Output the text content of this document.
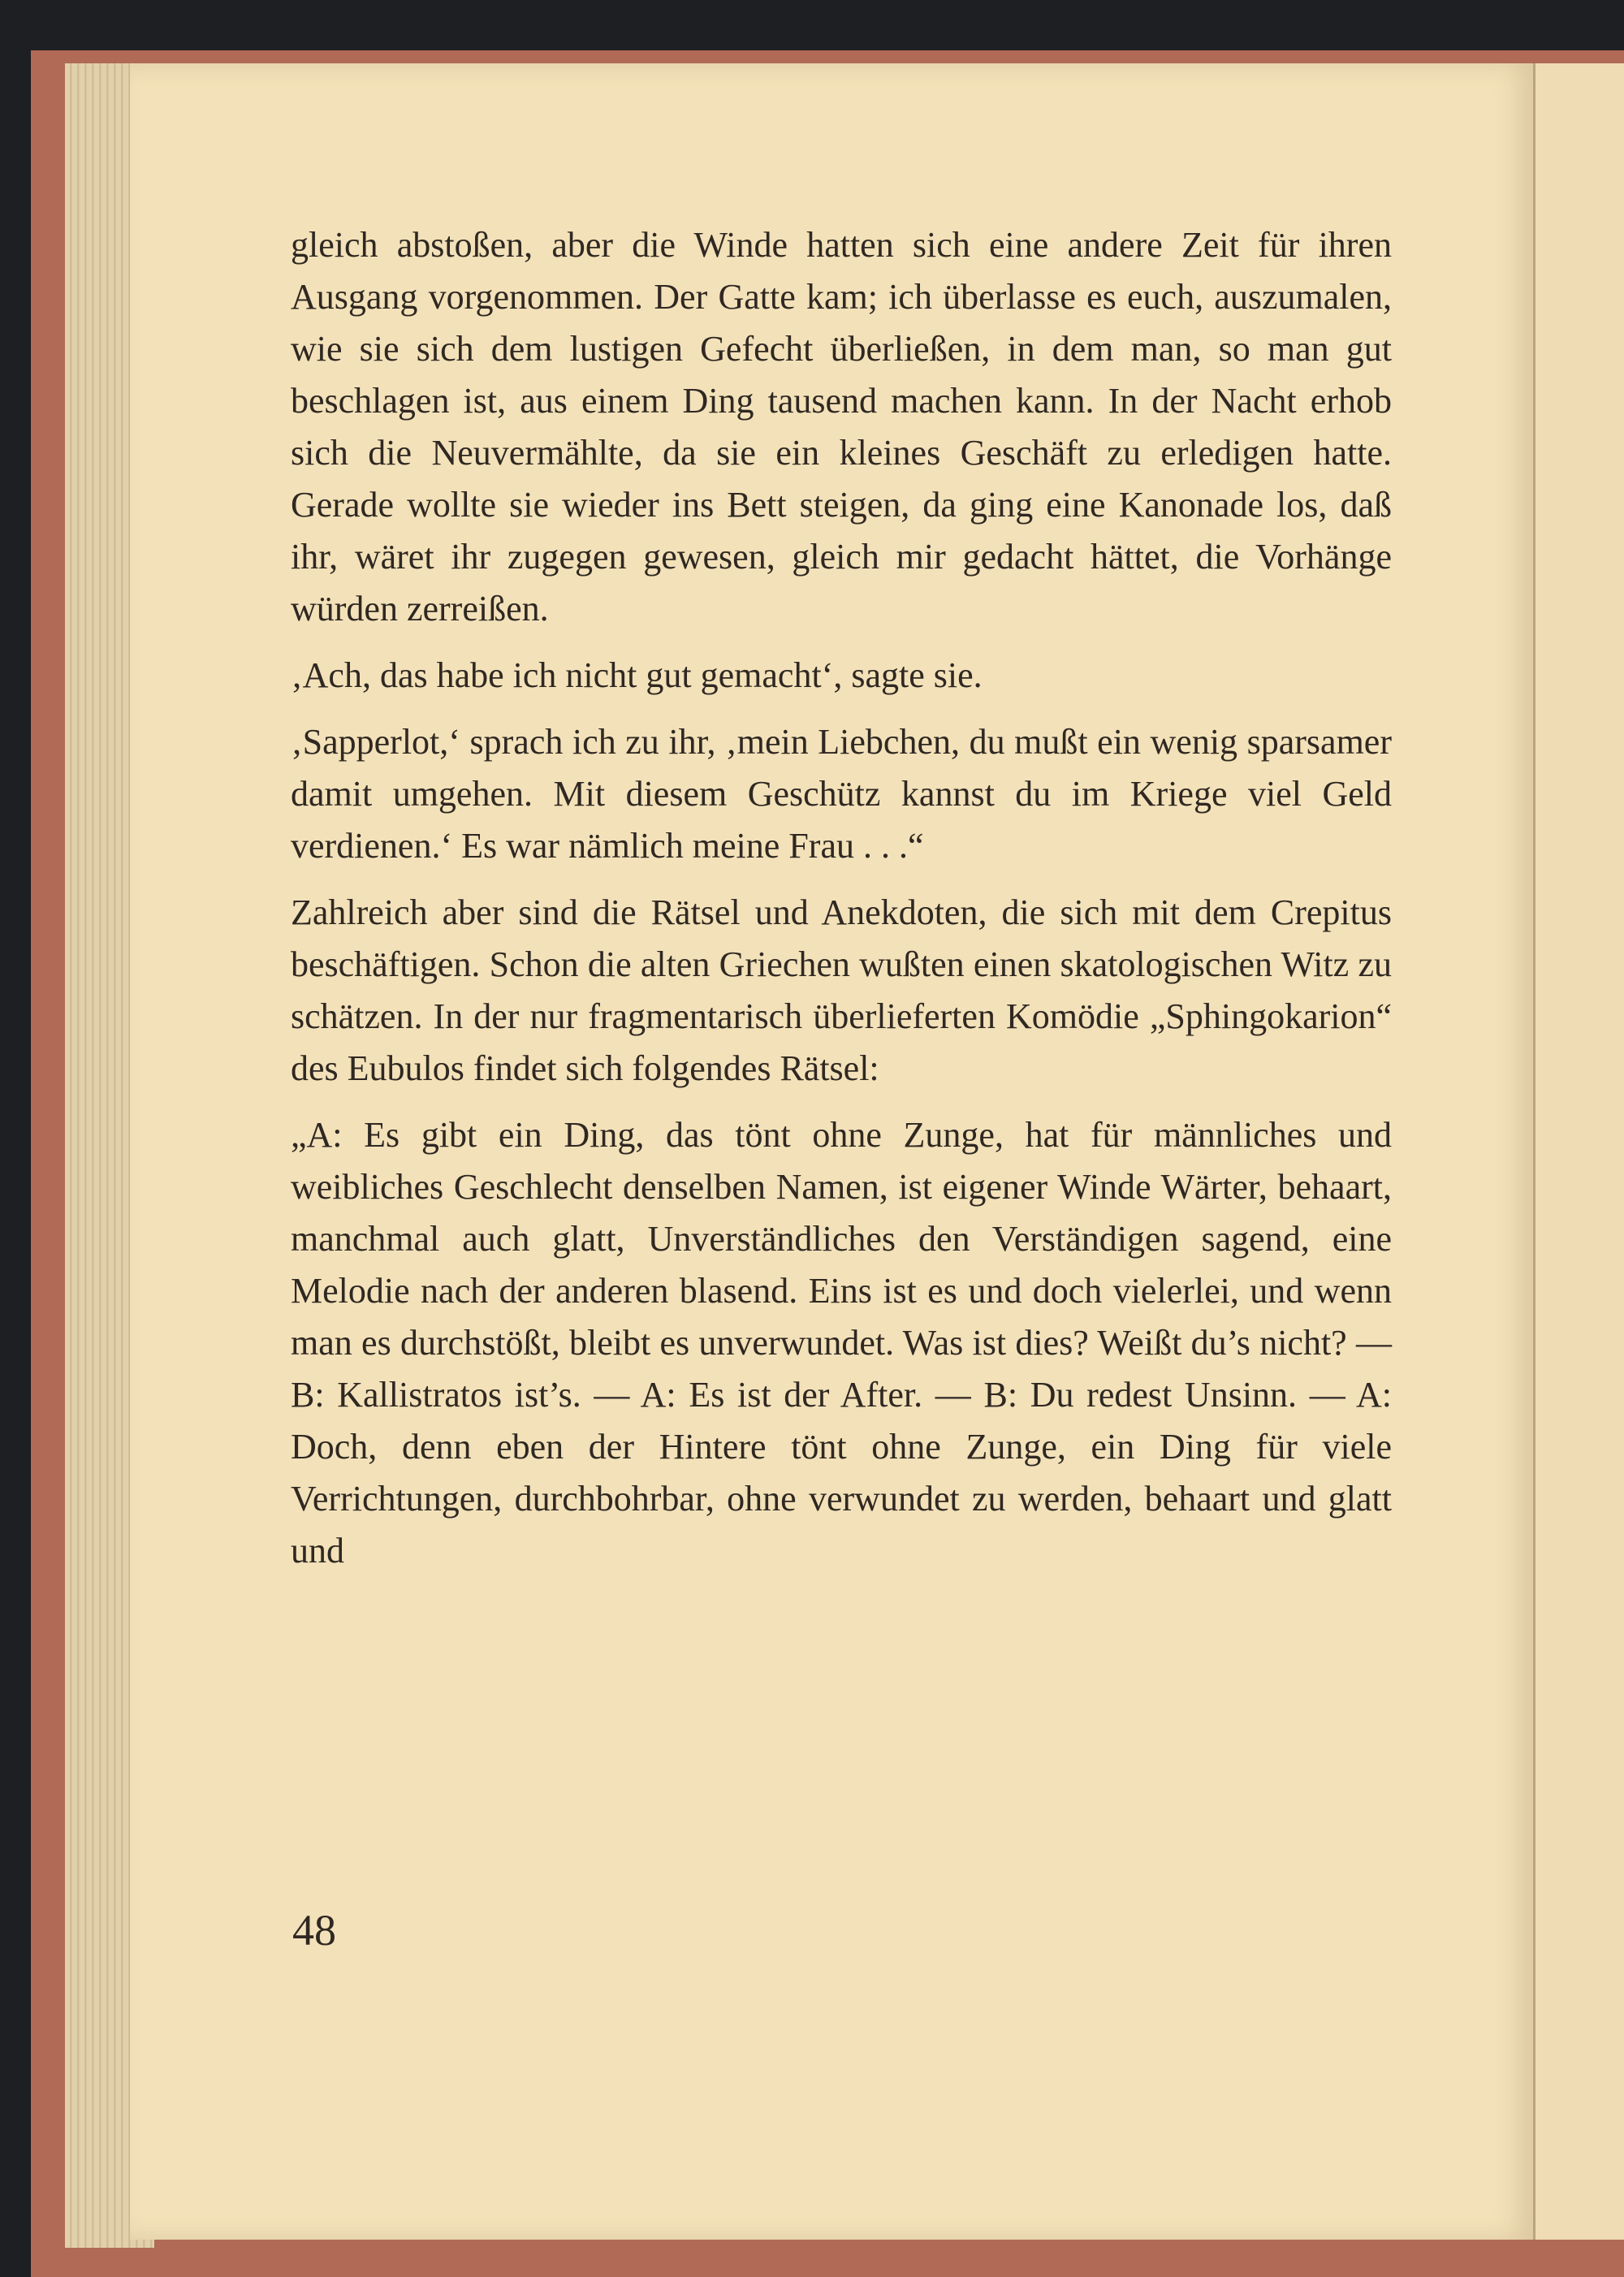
gleich abstoßen, aber die Winde hatten sich eine andere Zeit für ihren Ausgang vorgenommen. Der Gatte kam; ich überlasse es euch, auszumalen, wie sie sich dem lustigen Gefecht überließen, in dem man, so man gut beschlagen ist, aus einem Ding tausend machen kann. In der Nacht erhob sich die Neuvermählte, da sie ein kleines Geschäft zu erledigen hatte. Gerade wollte sie wieder ins Bett steigen, da ging eine Kanonade los, daß ihr, wäret ihr zugegen gewesen, gleich mir gedacht hättet, die Vorhänge würden zerreißen.

‚Ach, das habe ich nicht gut gemacht‘, sagte sie.

‚Sapperlot,‘ sprach ich zu ihr, ‚mein Liebchen, du mußt ein wenig sparsamer damit umgehen. Mit diesem Geschütz kannst du im Kriege viel Geld verdienen.‘ Es war nämlich meine Frau . . .“

Zahlreich aber sind die Rätsel und Anekdoten, die sich mit dem Crepitus beschäftigen. Schon die alten Griechen wußten einen skatologischen Witz zu schätzen. In der nur fragmentarisch überlieferten Komödie „Sphingokarion“ des Eubulos findet sich folgendes Rätsel:

„A: Es gibt ein Ding, das tönt ohne Zunge, hat für männliches und weibliches Geschlecht denselben Namen, ist eigener Winde Wärter, behaart, manchmal auch glatt, Unverständliches den Verständigen sagend, eine Melodie nach der anderen blasend. Eins ist es und doch vielerlei, und wenn man es durchstößt, bleibt es unverwundet. Was ist dies? Weißt du’s nicht? — B: Kallistratos ist’s. — A: Es ist der After. — B: Du redest Unsinn. — A: Doch, denn eben der Hintere tönt ohne Zunge, ein Ding für viele Verrichtungen, durchbohrbar, ohne verwundet zu werden, behaart und glatt und

48
